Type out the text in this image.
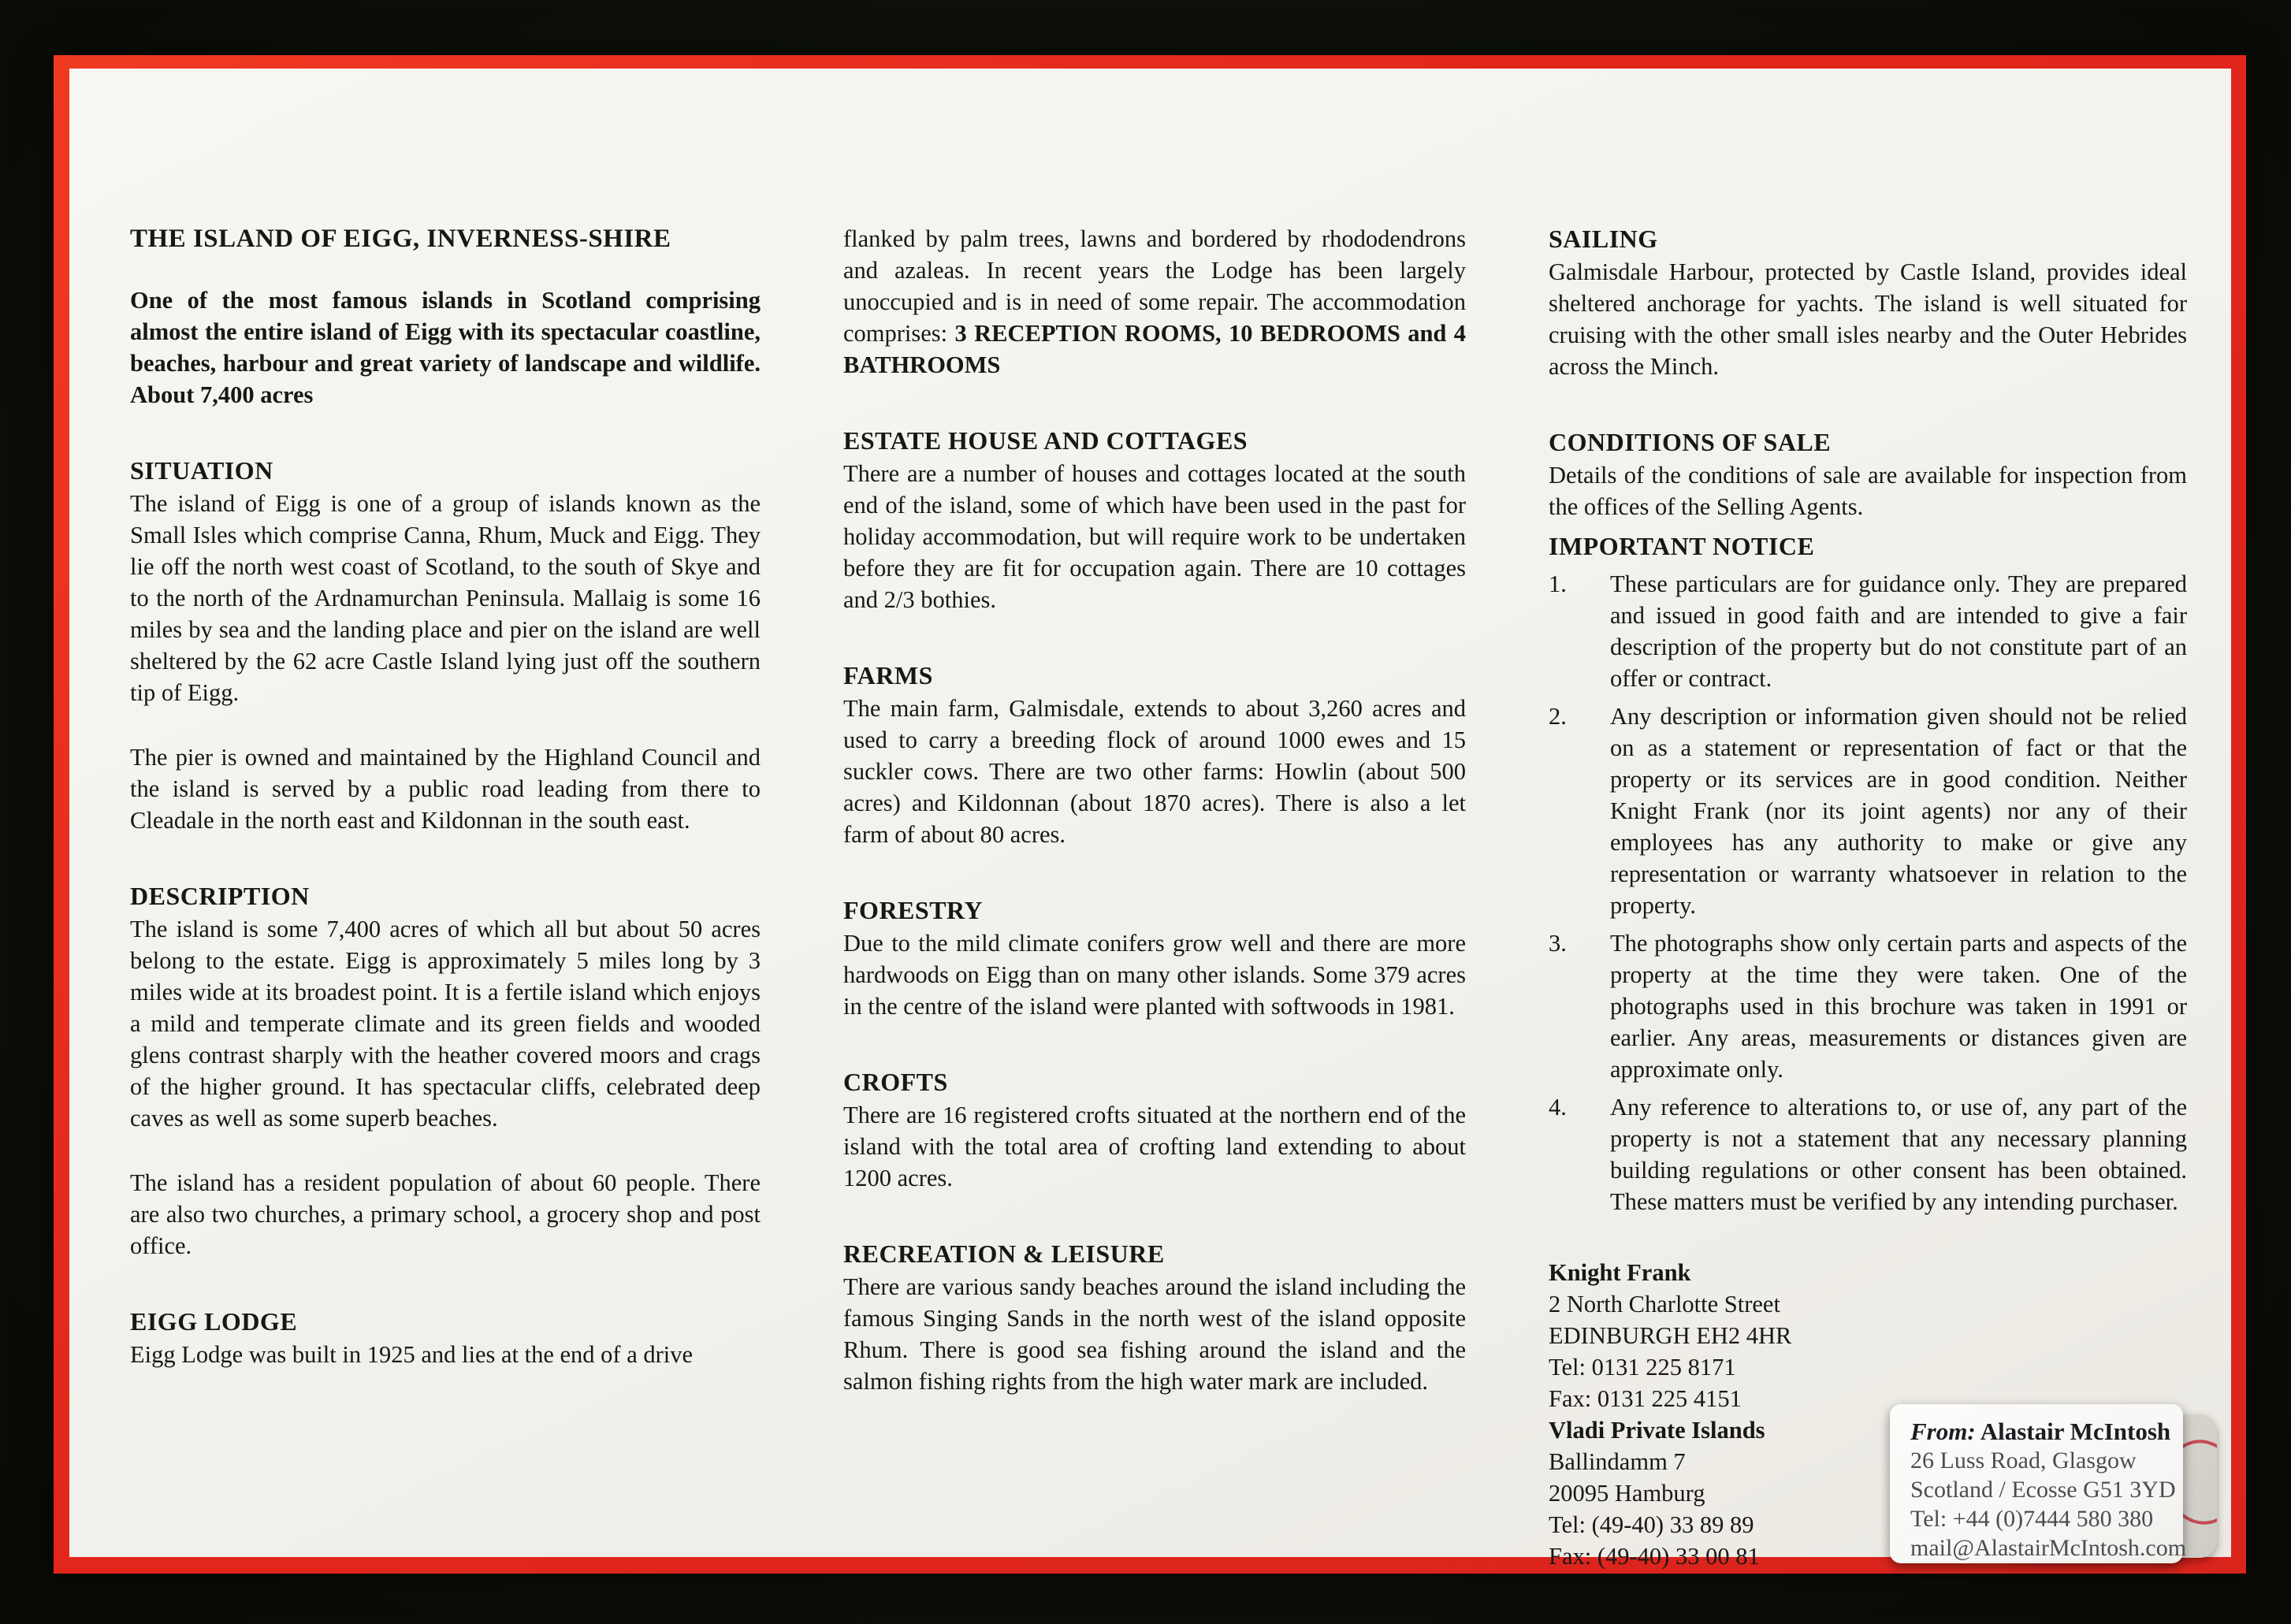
THE ISLAND OF EIGG, INVERNESS-SHIRE
One of the most famous islands in Scotland comprising almost the entire island of Eigg with its spectacular coastline, beaches, harbour and great variety of landscape and wildlife. About 7,400 acres
SITUATION

The island of Eigg is one of a group of islands known as the Small Isles which comprise Canna, Rhum, Muck and Eigg. They lie off the north west coast of Scotland, to the south of Skye and to the north of the Ardnamurchan Peninsula. Mallaig is some 16 miles by sea and the landing place and pier on the island are well sheltered by the 62 acre Castle Island lying just off the southern tip of Eigg.

The pier is owned and maintained by the Highland Council and the island is served by a public road leading from there to Cleadale in the north east and Kildonnan in the south east.

DESCRIPTION

The island is some 7,400 acres of which all but about 50 acres belong to the estate. Eigg is approximately 5 miles long by 3 miles wide at its broadest point. It is a fertile island which enjoys a mild and temperate climate and its green fields and wooded glens contrast sharply with the heather covered moors and crags of the higher ground. It has spectacular cliffs, celebrated deep caves as well as some superb beaches.

The island has a resident population of about 60 people. There are also two churches, a primary school, a grocery shop and post office.

EIGG LODGE

Eigg Lodge was built in 1925 and lies at the end of a drive

flanked by palm trees, lawns and bordered by rhododendrons and azaleas. In recent years the Lodge has been largely unoccupied and is in need of some repair. The accommodation comprises: 3 RECEPTION ROOMS, 10 BEDROOMS and 4 BATHROOMS

ESTATE HOUSE AND COTTAGES

There are a number of houses and cottages located at the south end of the island, some of which have been used in the past for holiday accommodation, but will require work to be undertaken before they are fit for occupation again. There are 10 cottages and 2/3 bothies.

FARMS

The main farm, Galmisdale, extends to about 3,260 acres and used to carry a breeding flock of around 1000 ewes and 15 suckler cows. There are two other farms: Howlin (about 500 acres) and Kildonnan (about 1870 acres). There is also a let farm of about 80 acres.

FORESTRY

Due to the mild climate conifers grow well and there are more hardwoods on Eigg than on many other islands. Some 379 acres in the centre of the island were planted with softwoods in 1981.

CROFTS

There are 16 registered crofts situated at the northern end of the island with the total area of crofting land extending to about 1200 acres.

RECREATION & LEISURE

There are various sandy beaches around the island including the famous Singing Sands in the north west of the island opposite Rhum. There is good sea fishing around the island and the salmon fishing rights from the high water mark are included.

SAILING

Galmisdale Harbour, protected by Castle Island, provides ideal sheltered anchorage for yachts. The island is well situated for cruising with the other small isles nearby and the Outer Hebrides across the Minch.

CONDITIONS OF SALE

Details of the conditions of sale are available for inspection from the offices of the Selling Agents.

IMPORTANT NOTICE
1.	These particulars are for guidance only. They are prepared and issued in good faith and are intended to give a fair description of the property but do not constitute part of an offer or contract.
2.	Any description or information given should not be relied on as a statement or representation of fact or that the property or its services are in good condition. Neither Knight Frank (nor its joint agents) nor any of their employees has any authority to make or give any representation or warranty whatsoever in relation to the property.
3.	The photographs show only certain parts and aspects of the property at the time they were taken. One of the photographs used in this brochure was taken in 1991 or earlier. Any areas, measurements or distances given are approximate only.
4.	Any reference to alterations to, or use of, any part of the property is not a statement that any necessary planning building regulations or other consent has been obtained. These matters must be verified by any intending purchaser.
Knight Frank
2 North Charlotte Street
EDINBURGH EH2 4HR
Tel: 0131 225 8171
Fax: 0131 225 4151
Vladi Private Islands
Ballindamm 7
20095 Hamburg
Tel: (49-40) 33 89 89
Fax: (49-40) 33 00 81
From: Alastair McIntosh
26 Luss Road, Glasgow
Scotland / Ecosse G51 3YD
Tel: +44 (0)7444 580 380
mail@AlastairMcIntosh.com
